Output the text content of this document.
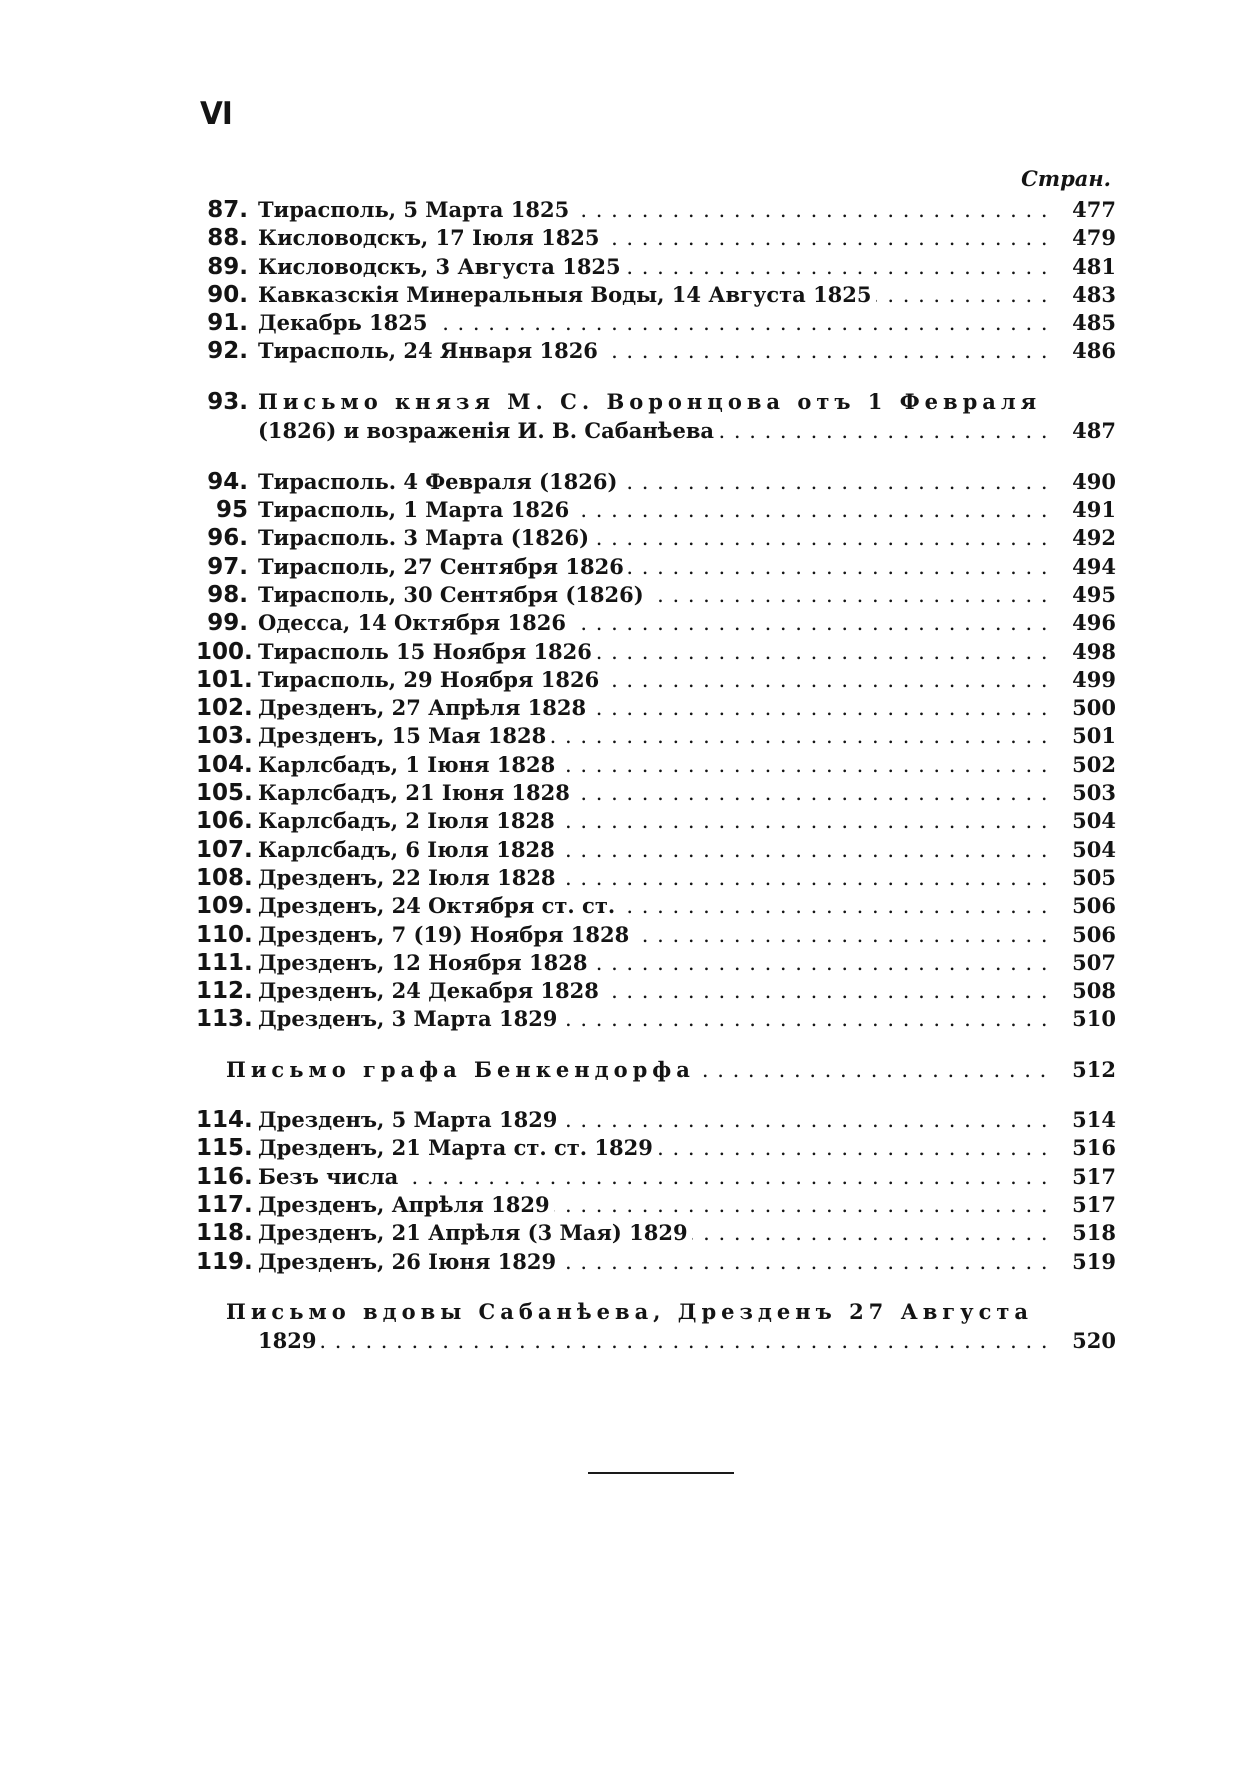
VI
Стран.
87. Тирасполь, 5 Марта 1825 . . .	477
88. Кисловодскъ, 17 Іюля 1825 . . .	479
89. Кисловодскъ, 3 Августа 1825 . . .	481
90. Кавказскія Минеральныя Воды, 14 Августа 1825 . . .	483
91. Декабрь 1825 . . .	485
92. Тирасполь, 24 Января 1826 . . .	486
93. Письмо князя М. С. Воронцова отъ 1 Февраля
(1826) и возраженія И. В. Сабанѣева . . .	487
94. Тирасполь. 4 Февраля (1826) . . .	490
95 Тирасполь, 1 Марта 1826 . . .	491
96. Тирасполь. 3 Марта (1826) . . .	492
97. Тирасполь, 27 Сентября 1826 . . .	494
98. Тирасполь, 30 Сентября (1826) . . .	495
99. Одесса, 14 Октября 1826 . . .	496
100. Тирасполь 15 Ноября 1826 . . .	498
101. Тирасполь, 29 Ноября 1826 . . .	499
102. Дрезденъ, 27 Апрѣля 1828 . . .	500
103. Дрезденъ, 15 Мая 1828 . . .	501
104. Карлсбадъ, 1 Іюня 1828 . . .	502
105. Карлсбадъ, 21 Іюня 1828 . . .	503
106. Карлсбадъ, 2 Іюля 1828 . . .	504
107. Карлсбадъ, 6 Іюля 1828 . . .	504
108. Дрезденъ, 22 Іюля 1828 . . .	505
109. Дрезденъ, 24 Октября ст. ст. . . .	506
110. Дрезденъ, 7 (19) Ноября 1828 . . .	506
111. Дрезденъ, 12 Ноября 1828 . . .	507
112. Дрезденъ, 24 Декабря 1828 . . .	508
113. Дрезденъ, 3 Марта 1829 . . .	510
Письмо графа Бенкендорфа . . .	512
114. Дрезденъ, 5 Марта 1829 . . .	514
115. Дрезденъ, 21 Марта ст. ст. 1829 . . .	516
116. Безъ числа . . .	517
117. Дрезденъ, Апрѣля 1829 . . .	517
118. Дрезденъ, 21 Апрѣля (3 Мая) 1829 . . .	518
119. Дрезденъ, 26 Іюня 1829 . . .	519
Письмо вдовы Сабанѣева, Дрезденъ 27 Августа
1829 . . .	520
